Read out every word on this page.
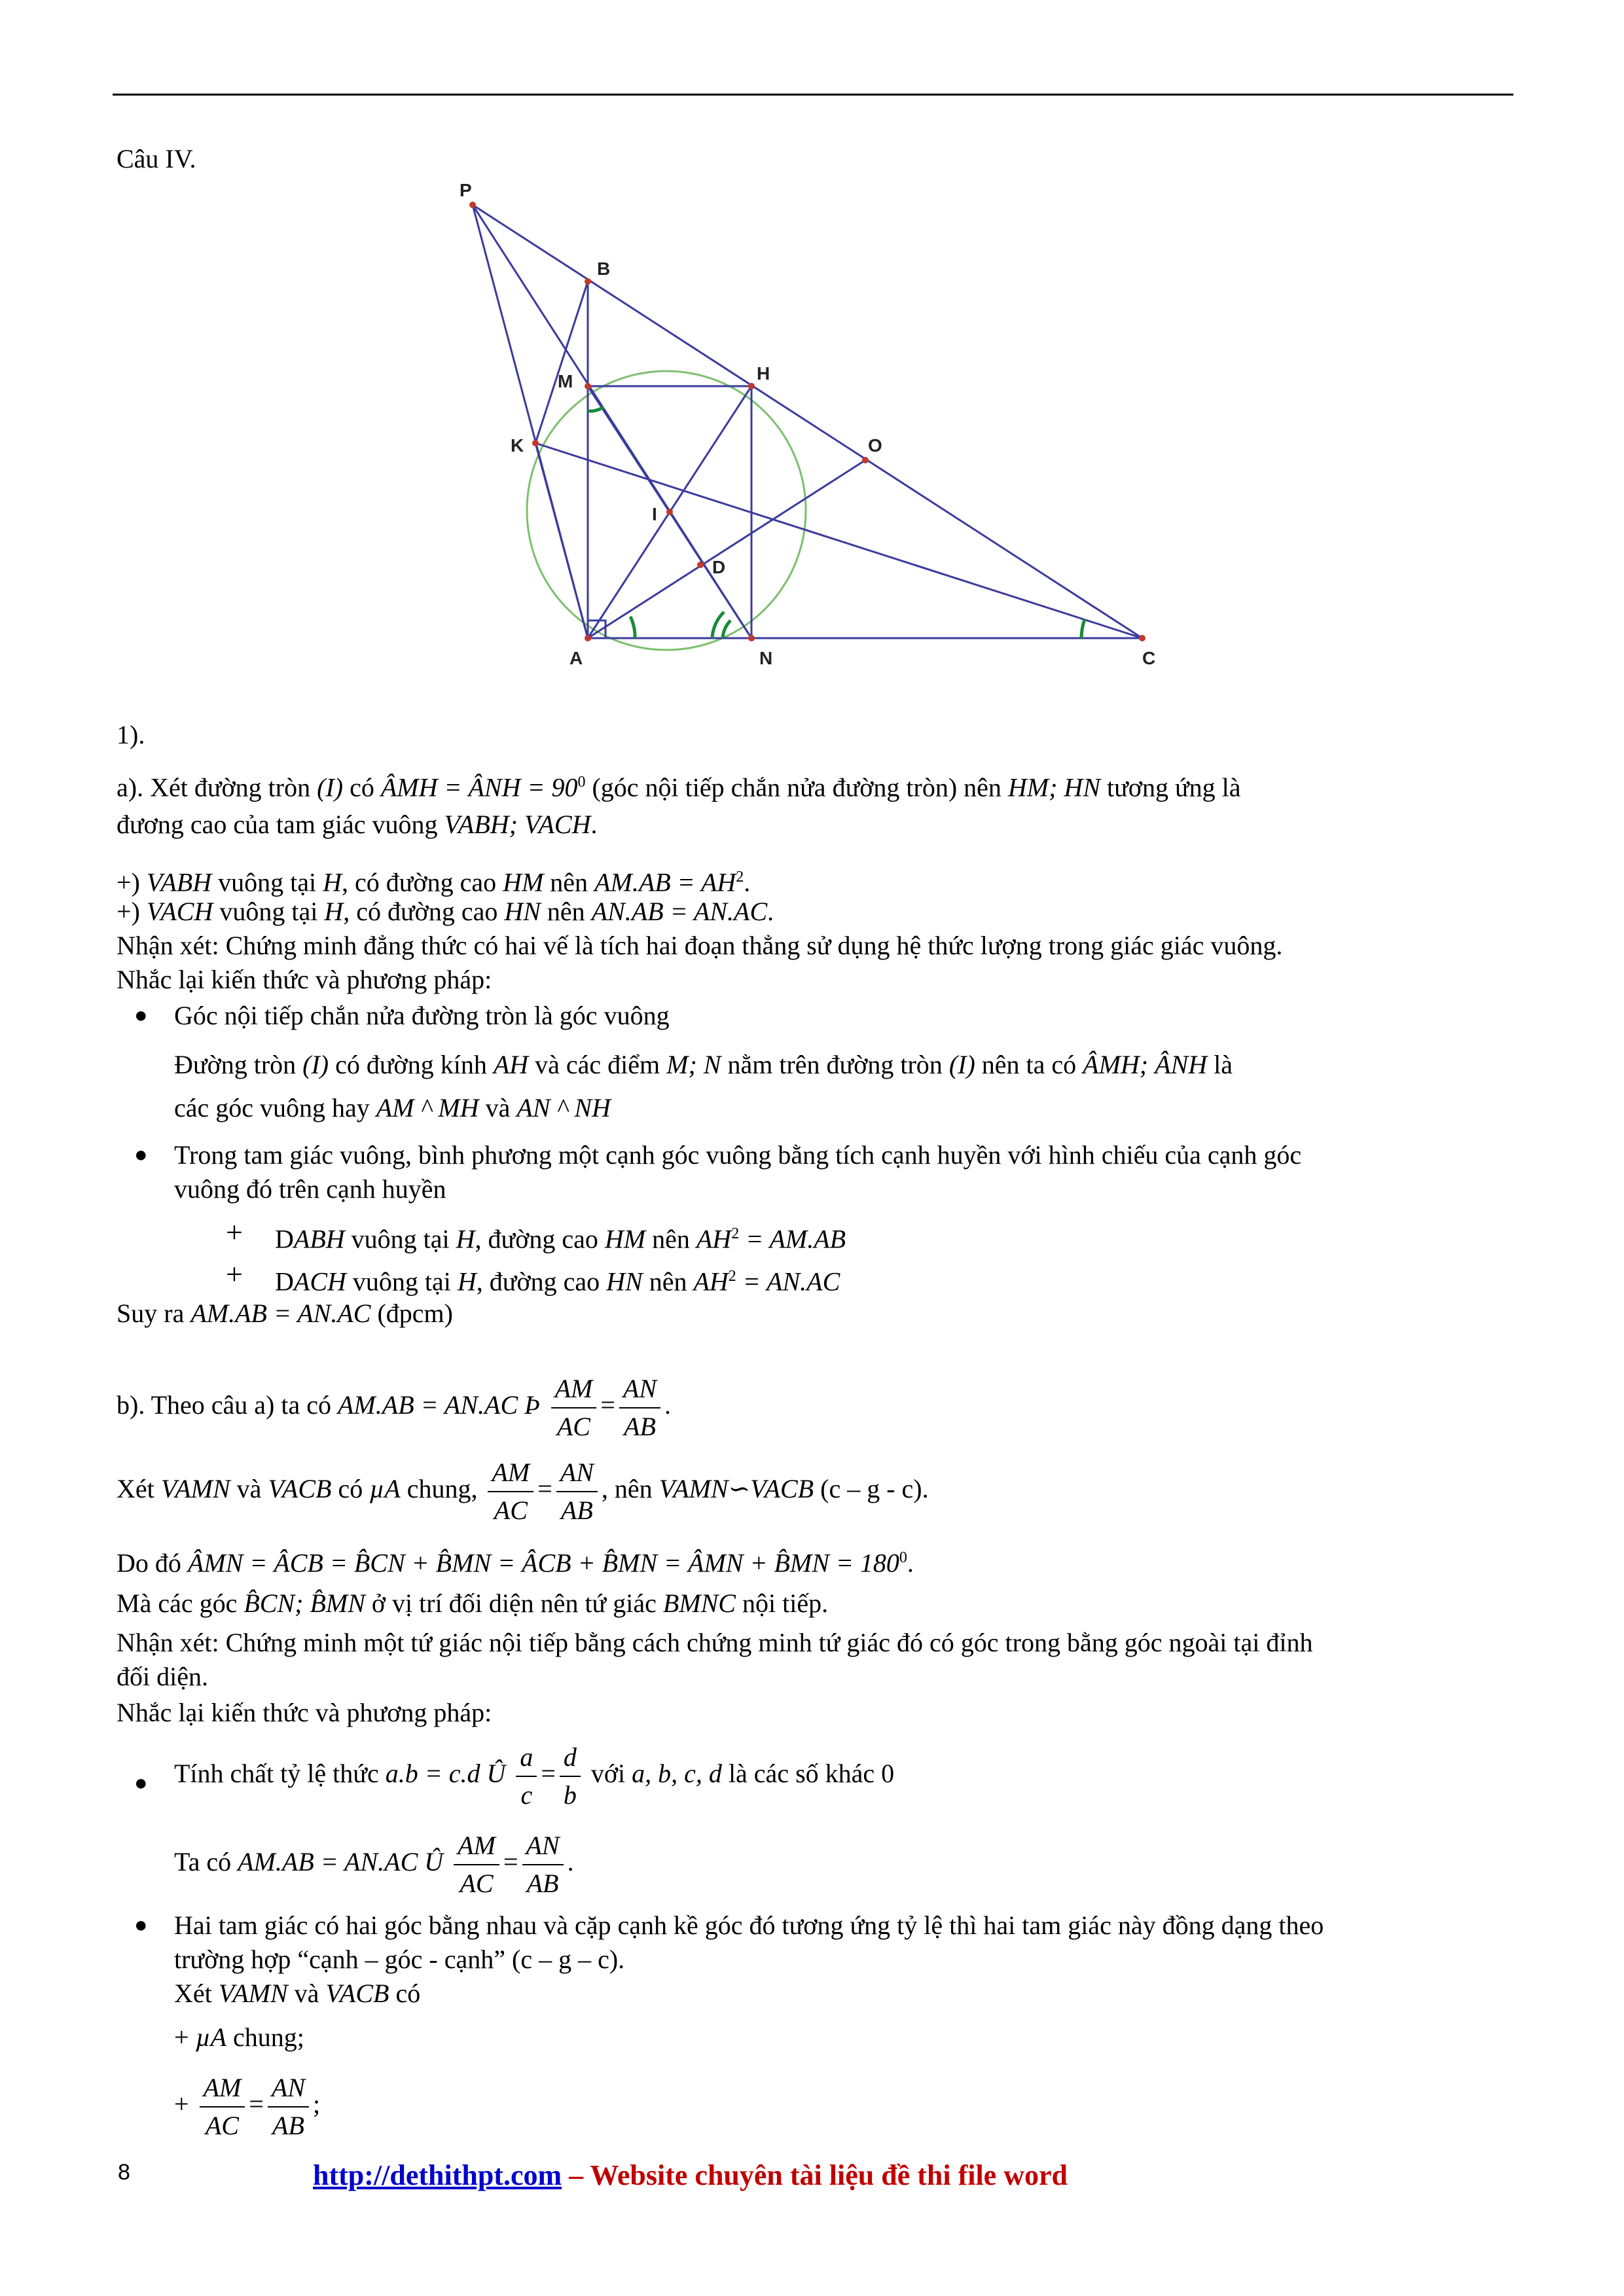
Câu IV.
P
B
M	H
K	O
I
D
A	N	C
1).
a). Xét đường tròn (I) có ÂMH = ÂNH = $90^0$ (góc nội tiếp chắn nửa đường tròn) nên HM; HN tương ứng là
đương cao của tam giác vuông VABH; VACH.
+) VABH vuông tại H, có đường cao HM nên $AM.AB = AH^2$.
+) VACH vuông tại H, có đường cao HN nên AN.AB = AN.AC.
Nhận xét: Chứng minh đẳng thức có hai vế là tích hai đoạn thẳng sử dụng hệ thức lượng trong giác giác vuông.
Nhắc lại kiến thức và phương pháp:
● Góc nội tiếp chắn nửa đường tròn là góc vuông
Đường tròn (I) có đường kính AH và các điểm M; N nằm trên đường tròn (I) nên ta có ÂMH; ÂNH là
các góc vuông hay AM ^ MH và AN ^ NH
● Trong tam giác vuông, bình phương một cạnh góc vuông bằng tích cạnh huyền với hình chiếu của cạnh góc
vuông đó trên cạnh huyền
+ DABH vuông tại H, đường cao HM nên $AH^2 = AM.AB$
+ DACH vuông tại H, đường cao HN nên $AH^2 = AN.AC$
Suy ra AM.AB = AN.AC (đpcm)
b). Theo câu a) ta có AM.AB = AN.AC Þ $\frac{AM}{AC} = \frac{AN}{AB}$ .
Xét VAMN và VACB có µA chung, $\frac{AM}{AC} = \frac{AN}{AB}$ , nên VAMN∽VACB (c – g - c).
Do đó ÂMN = ÂCB = B̂CN + B̂MN = ÂCB + B̂MN = ÂMN + B̂MN = $180^0$.
Mà các góc B̂CN; B̂MN ở vị trí đối diện nên tứ giác BMNC nội tiếp.
Nhận xét: Chứng minh một tứ giác nội tiếp bằng cách chứng minh tứ giác đó có góc trong bằng góc ngoài tại đỉnh
đối diện.
Nhắc lại kiến thức và phương pháp:
● Tính chất tỷ lệ thức a.b = c.d Û $\frac{a}{c} = \frac{d}{b}$ với a, b, c, d là các số khác 0
Ta có AM.AB = AN.AC Û $\frac{AM}{AC} = \frac{AN}{AB}$ .
● Hai tam giác có hai góc bằng nhau và cặp cạnh kề góc đó tương ứng tỷ lệ thì hai tam giác này đồng dạng theo
trường hợp “cạnh – góc - cạnh” (c – g – c).
Xét VAMN và VACB có
+ µA chung;
+ $\frac{AM}{AC} = \frac{AN}{AB}$ ;
8	http://dethithpt.com – Website chuyên tài liệu đề thi file word
